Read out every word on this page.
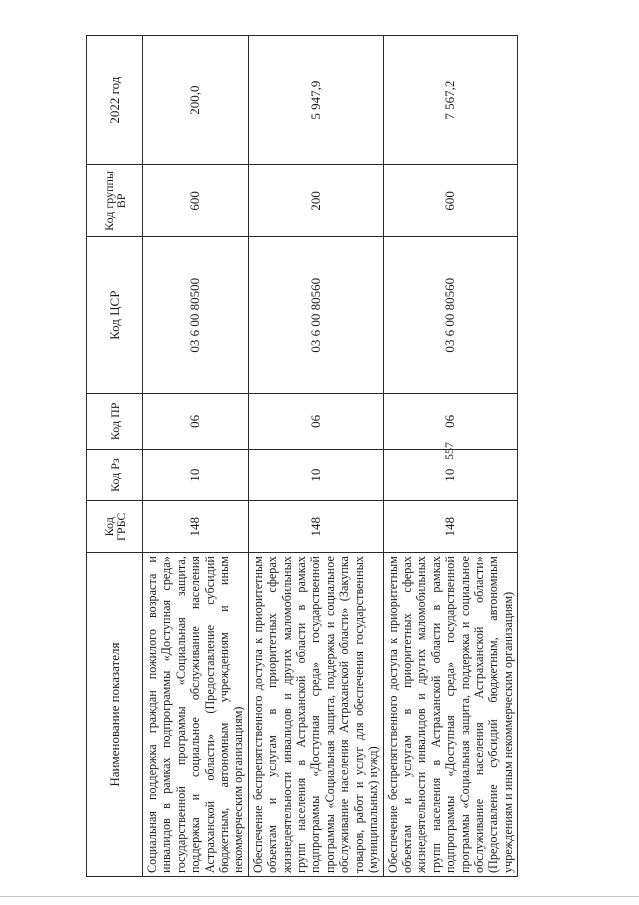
557
Наименование показателя	Код ГРБС	Код Рз	Код ПР	Код ЦСР	Код группы ВР	2022 год
Социальная поддержка граждан пожилого возраста и инвалидов в рамках подпрограммы «Доступная среда» государственной программы «Социальная защита, поддержка и социальное обслуживание населения Астраханской области» (Предоставление субсидий бюджетным, автономным учреждениям и иным некоммерческим организациям)	148	10	06	03 6 00 80500	600	200,0
Обеспечение беспрепятственного доступа к приоритетным объектам и услугам в приоритетных сферах жизнедеятельности инвалидов и других маломобильных групп населения в Астраханской области в рамках подпрограммы «Доступная среда» государственной программы «Социальная защита, поддержка и социальное обслуживание населения Астраханской области» (Закупка товаров, работ и услуг для обеспечения государственных (муниципальных) нужд)	148	10	06	03 6 00 80560	200	5 947,9
Обеспечение беспрепятственного доступа к приоритетным объектам и услугам в приоритетных сферах жизнедеятельности инвалидов и других маломобильных групп населения в Астраханской области в рамках подпрограммы «Доступная среда» государственной программы «Социальная защита, поддержка и социальное обслуживание населения Астраханской области» (Предоставление субсидий бюджетным, автономным учреждениям и иным некоммерческим организациям)	148	10	06	03 6 00 80560	600	7 567,2
